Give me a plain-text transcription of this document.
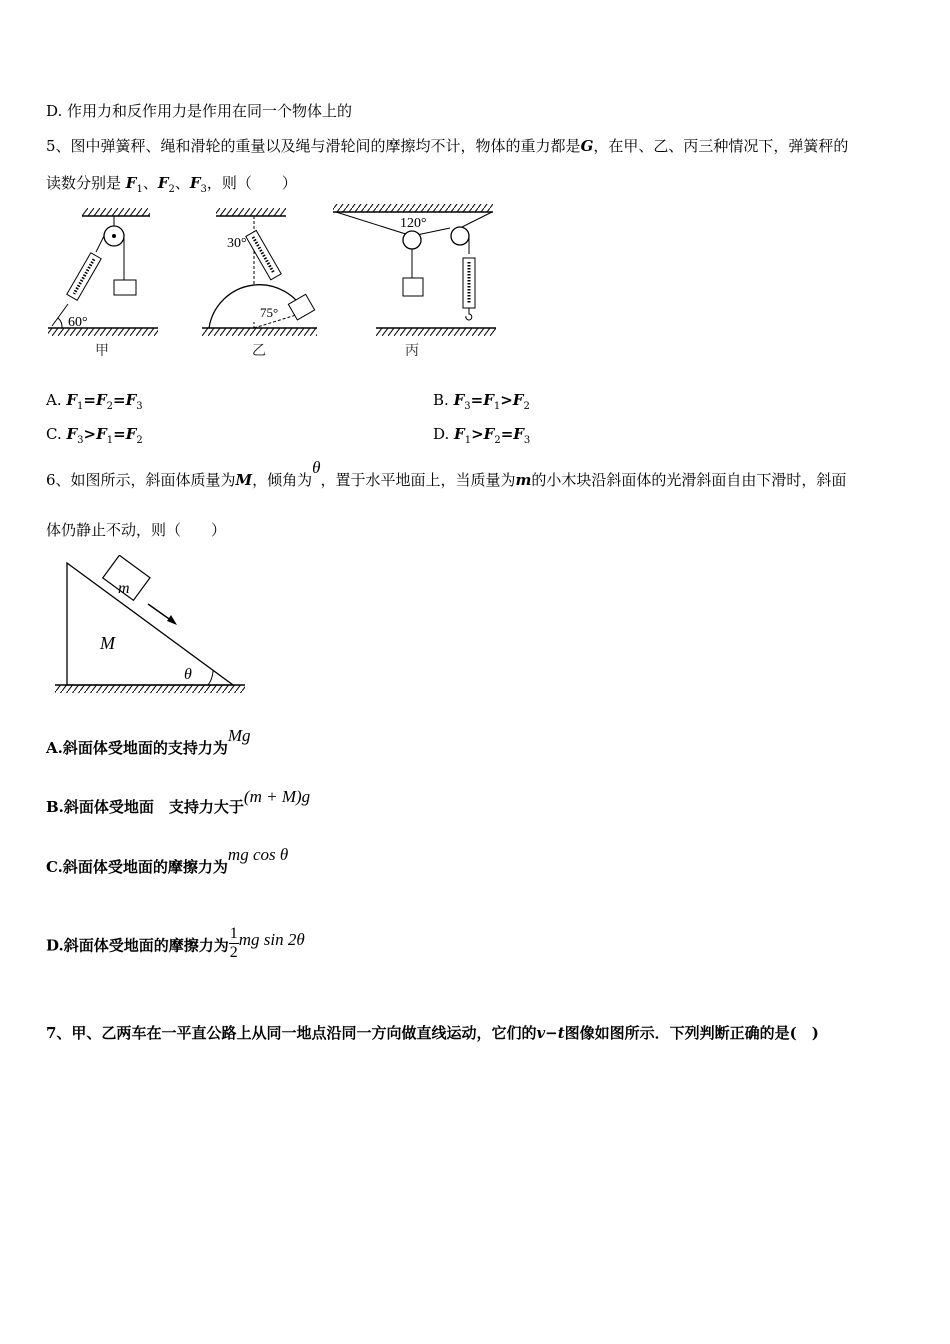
D. 作用力和反作用力是作用在同一个物体上的
5、图中弹簧秤、绳和滑轮的重量以及绳与滑轮间的摩擦均不计，物体的重力都是G，在甲、乙、丙三种情况下，弹簧秤的
读数分别是 $F_1$、$F_2$、$F_3$，则（　　）
60°
甲
30°
75°
乙
120°
丙
A. $F_1=F_2=F_3$	B. $F_3=F_1>F_2$
C. $F_3>F_1=F_2$	D. $F_1>F_2=F_3$
6、如图所示，斜面体质量为M，倾角为θ，置于水平地面上，当质量为m的小木块沿斜面体的光滑斜面自由下滑时，斜面
体仍静止不动，则（　　）
m
M
θ
A.斜面体受地面的支持力为Mg
B.斜面体受地面　支持力大于(m + M)g
C.斜面体受地面的摩擦力为mg cos θ
D.斜面体受地面的摩擦力为 $\frac{1}{2}$ mg sin 2θ
7、甲、乙两车在一平直公路上从同一地点沿同一方向做直线运动，它们的v−t图像如图所示．下列判断正确的是(　)
